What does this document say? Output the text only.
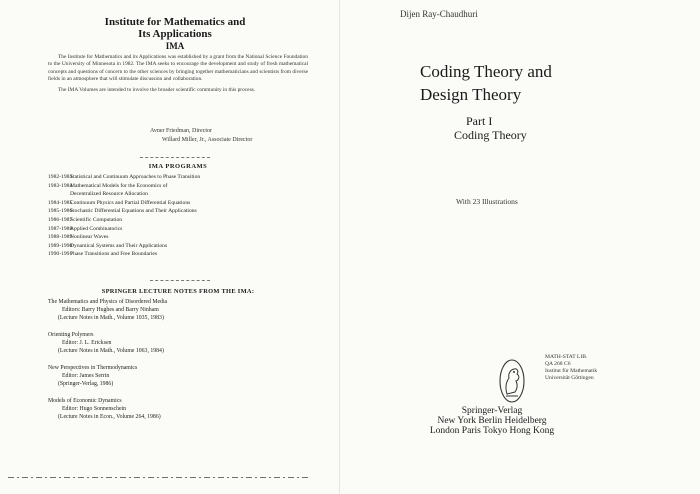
Institute for Mathematics and
Its Applications
IMA

The Institute for Mathematics and its Applications was established by a grant from the National Science Foundation to the University of Minnesota in 1982. The IMA seeks to encourage the development and study of fresh mathematical concepts and questions of concern to the other sciences by bringing together mathematicians and scientists from diverse fields in an atmosphere that will stimulate discussion and collaboration.

The IMA Volumes are intended to involve the broader scientific community in this process.

Avner Friedman, Director
Willard Miller, Jr., Associate Director
IMA PROGRAMS
1982-1983Statistical and Continuum Approaches to Phase Transition
1983-1984Mathematical Models for the Economics of
Decentralized Resource Allocation
1984-1985Continuum Physics and Partial Differential Equations
1985-1986Stochastic Differential Equations and Their Applications
1986-1987Scientific Computation
1987-1988Applied Combinatorics
1988-1989Nonlinear Waves
1989-1990Dynamical Systems and Their Applications
1990-1991Phase Transitions and Free Boundaries
SPRINGER LECTURE NOTES FROM THE IMA:
The Mathematics and Physics of Disordered Media
Editors: Barry Hughes and Barry Ninham
(Lecture Notes in Math., Volume 1035, 1983)
Orienting Polymers
Editor: J. L. Ericksen
(Lecture Notes in Math., Volume 1063, 1984)
New Perspectives in Thermodynamics
Editor: James Serrin
(Springer-Verlag, 1986)
Models of Economic Dynamics
Editor: Hugo Sonnenschein
(Lecture Notes in Econ., Volume 264, 1986)
Dijen Ray-Chaudhuri
Coding Theory and
Design Theory
Part I
Coding Theory
With 23 Illustrations
MATH-STAT LIB.
QA 268 C6
Institut für Mathematik
Universität Göttingen
Springer-Verlag
New York Berlin Heidelberg
London Paris Tokyo Hong Kong
